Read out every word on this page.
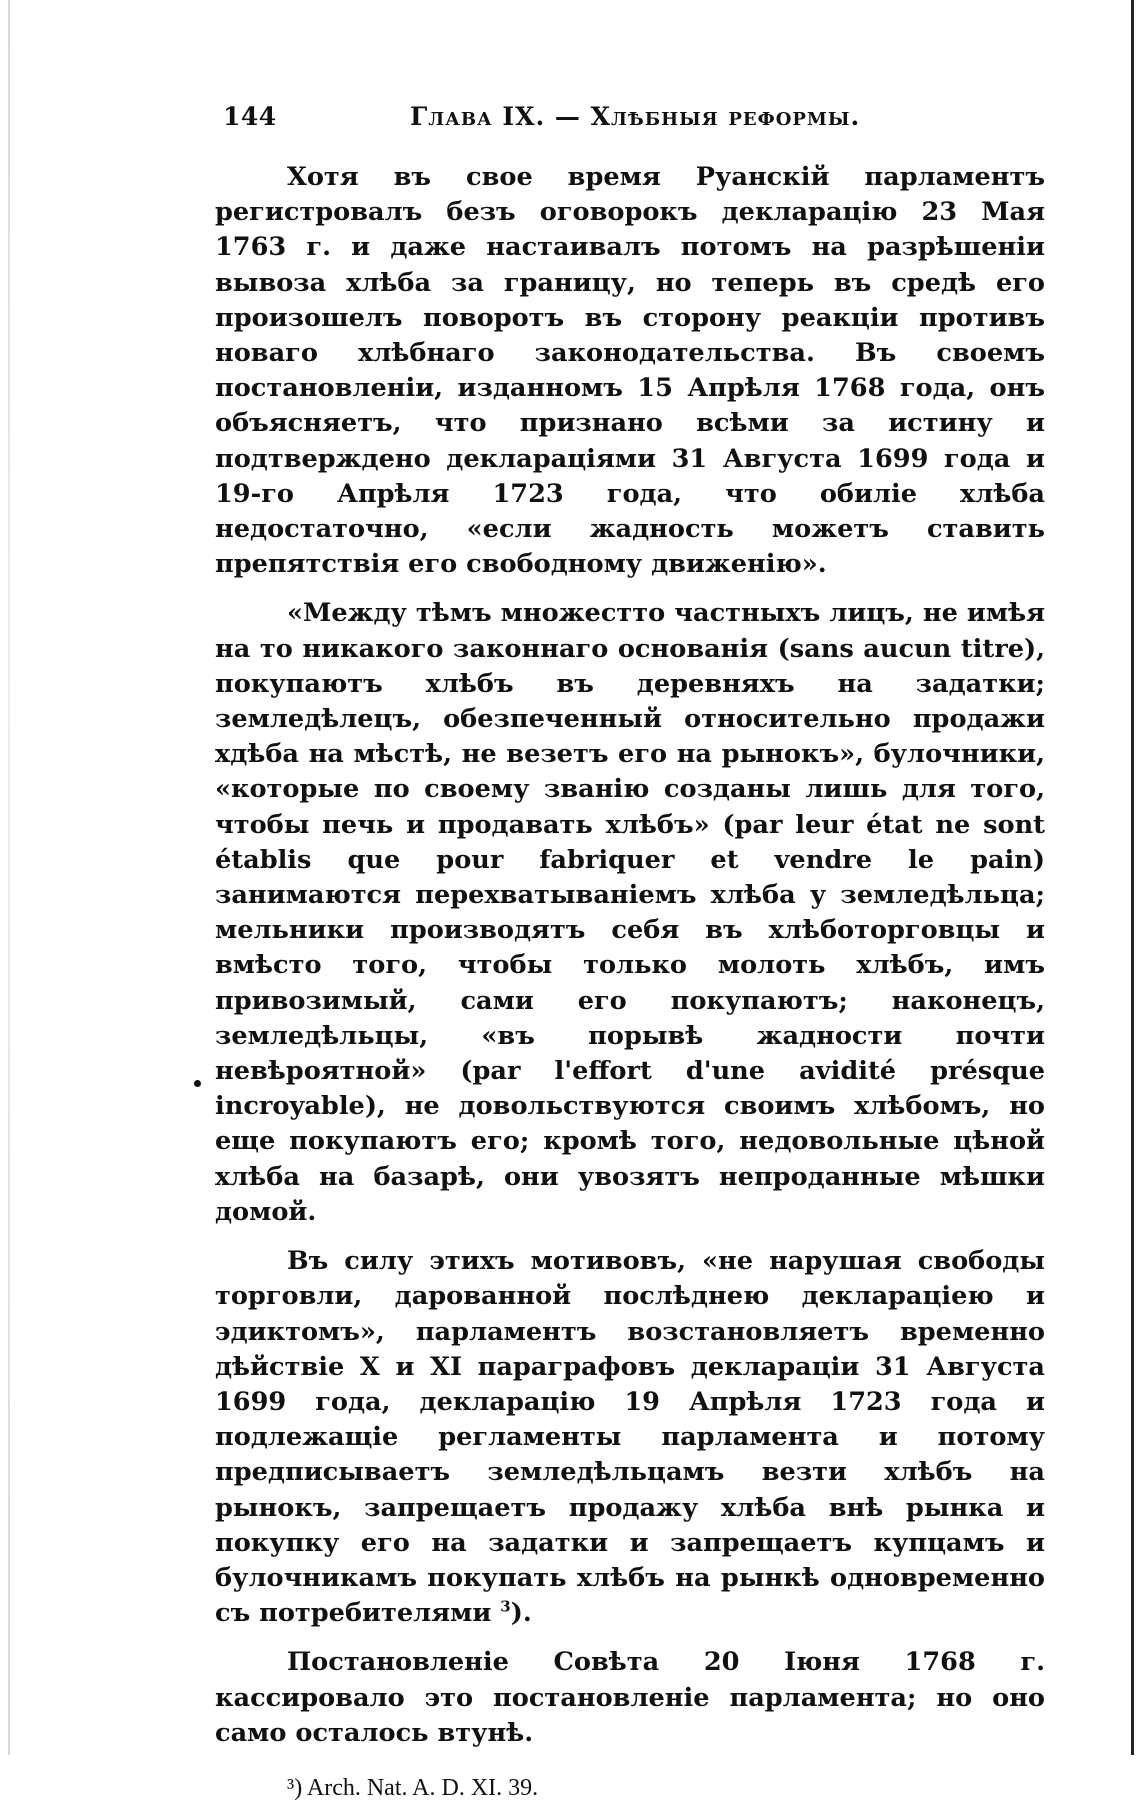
144	Глава IX. — Хлѣбныя реформы.

Хотя въ свое время Руанскій парламентъ регистровалъ безъ оговорокъ декларацію 23 Мая 1763 г. и даже настаивалъ потомъ на разрѣшеніи вывоза хлѣба за границу, но теперь въ средѣ его произошелъ поворотъ въ сторону реакціи противъ новаго хлѣбнаго законодательства. Въ своемъ постановленіи, изданномъ 15 Апрѣля 1768 года, онъ объясняетъ, что признано всѣми за истину и подтверждено декларацiями 31 Августа 1699 года и 19-го Апрѣля 1723 года, что обиліе хлѣба недостаточно, «если жадность можетъ ставить препятствія его свободному движенію».

«Между тѣмъ множестто частныхъ лицъ, не имѣя на то никакого законнаго основанія (sans aucun titre), покупаютъ хлѣбъ въ деревняхъ на задатки; земледѣлецъ, обезпеченный относительно продажи хдѣба на мѣстѣ, не везетъ его на рынокъ», булочники, «которые по своему званію созданы лишь для того, чтобы печь и продавать хлѣбъ» (par leur état ne sont établis que pour fabriquer et vendre le pain) занимаются перехватываніемъ хлѣба у земледѣльца; мельники производятъ себя въ хлѣботорговцы и вмѣсто того, чтобы только молоть хлѣбъ, имъ привозимый, сами его покупаютъ; наконецъ, земледѣльцы, «въ порывѣ жадности почти невѣроятной» (par l'effort d'une avidité présque incroyable), не довольствуются своимъ хлѣбомъ, но еще покупаютъ его; кромѣ того, недовольные цѣной хлѣба на базарѣ, они увозятъ непроданные мѣшки домой.

Въ силу этихъ мотивовъ, «не нарушая свободы торговли, дарованной послѣднею декларацiею и эдиктомъ», парламентъ возстановляетъ временно дѣйствіе X и XI параграфовъ декларацiи 31 Августа 1699 года, декларацiю 19 Апрѣля 1723 года и подлежащіе регламенты парламента и потому предписываетъ земледѣльцамъ везти хлѣбъ на рынокъ, запрещаетъ продажу хлѣба внѣ рынка и покупку его на задатки и запрещаетъ купцамъ и булочникамъ покупать хлѣбъ на рынкѣ одновременно съ потребителями $^3$).

Постановленіе Совѣта 20 Іюня 1768 г. кассировало это постановленіе парламента; но оно само осталось втунѣ.

³) Arch. Nat. A. D. XI. 39.
